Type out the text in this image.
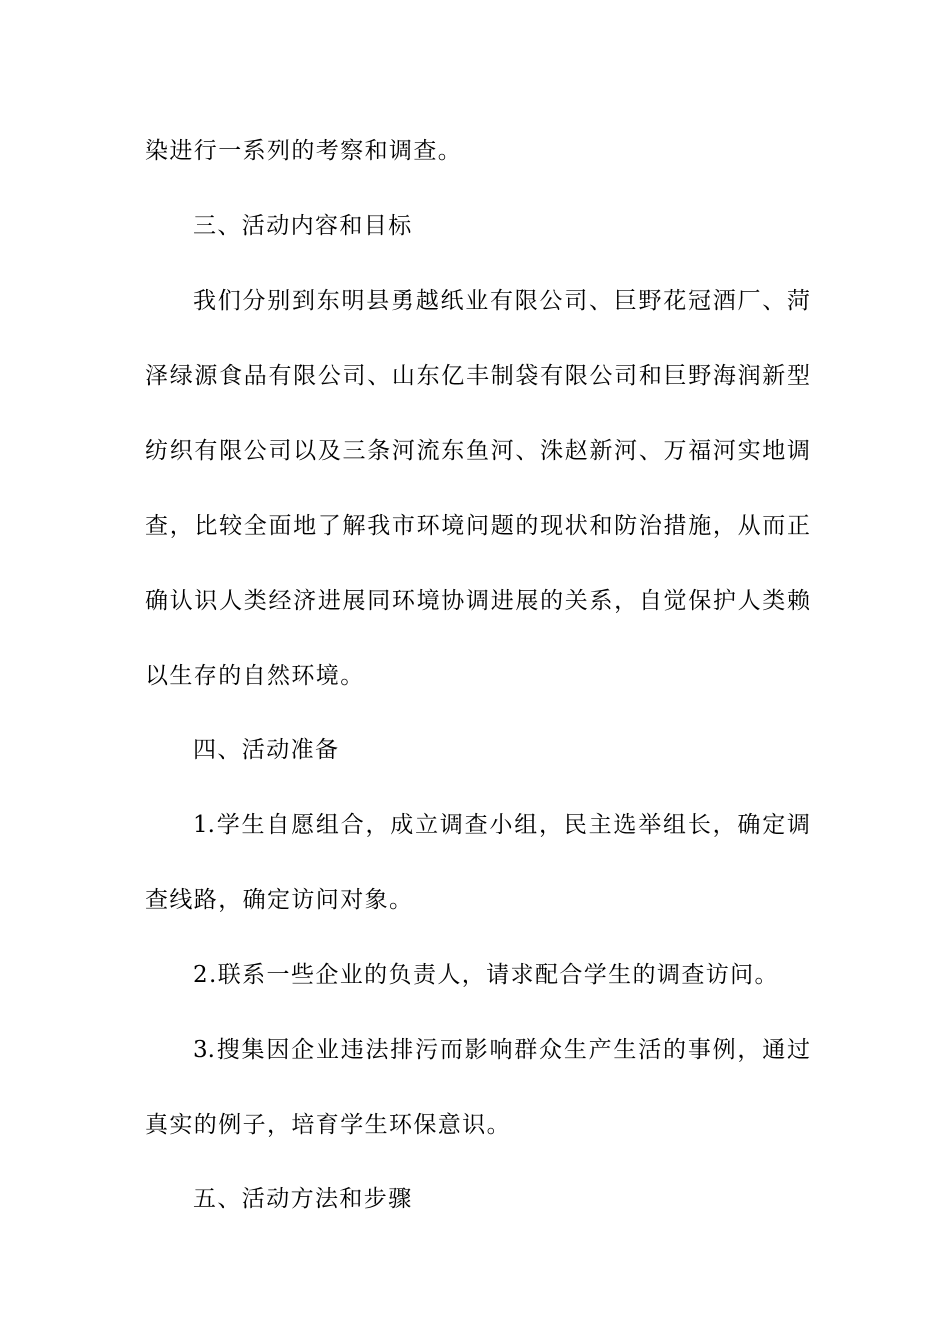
染进行一系列的考察和调查。
三、活动内容和目标
我们分别到东明县勇越纸业有限公司、巨野花冠酒厂、菏
泽绿源食品有限公司、山东亿丰制袋有限公司和巨野海润新型
纺织有限公司以及三条河流东鱼河、洙赵新河、万福河实地调
查，比较全面地了解我市环境问题的现状和防治措施，从而正
确认识人类经济进展同环境协调进展的关系，自觉保护人类赖
以生存的自然环境。
四、活动准备
1.学生自愿组合，成立调查小组，民主选举组长，确定调
查线路，确定访问对象。
2.联系一些企业的负责人，请求配合学生的调查访问。
3.搜集因企业违法排污而影响群众生产生活的事例，通过
真实的例子，培育学生环保意识。
五、活动方法和步骤
